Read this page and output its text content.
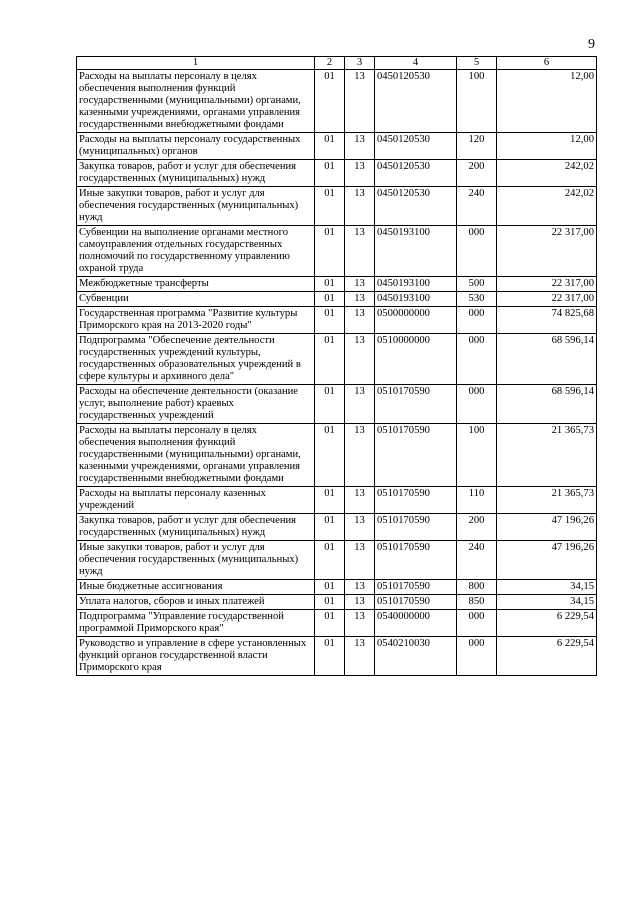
9
1	2	3	4	5	6
Расходы на выплаты персоналу в целях обеспечения выполнения функций государственными (муниципальными) органами, казенными учреждениями, органами управления государственными внебюджетными фондами	01	13	0450120530	100	12,00
Расходы на выплаты персоналу государственных (муниципальных) органов	01	13	0450120530	120	12,00
Закупка товаров, работ и услуг для обеспечения государственных (муниципальных) нужд	01	13	0450120530	200	242,02
Иные закупки товаров, работ и услуг для обеспечения государственных (муниципальных) нужд	01	13	0450120530	240	242,02
Субвенции на выполнение органами местного самоуправления отдельных государственных полномочий по государственному управлению охраной труда	01	13	0450193100	000	22 317,00
Межбюджетные трансферты	01	13	0450193100	500	22 317,00
Субвенции	01	13	0450193100	530	22 317,00
Государственная программа "Развитие культуры Приморского края на 2013-2020 годы"	01	13	0500000000	000	74 825,68
Подпрограмма "Обеспечение деятельности государственных учреждений культуры, государственных образовательных учреждений в сфере культуры и архивного дела"	01	13	0510000000	000	68 596,14
Расходы на обеспечение деятельности (оказание услуг, выполнение работ) краевых государственных учреждений	01	13	0510170590	000	68 596,14
Расходы на выплаты персоналу в целях обеспечения выполнения функций государственными (муниципальными) органами, казенными учреждениями, органами управления государственными внебюджетными фондами	01	13	0510170590	100	21 365,73
Расходы на выплаты персоналу казенных учреждений	01	13	0510170590	110	21 365,73
Закупка товаров, работ и услуг для обеспечения государственных (муниципальных) нужд	01	13	0510170590	200	47 196,26
Иные закупки товаров, работ и услуг для обеспечения государственных (муниципальных) нужд	01	13	0510170590	240	47 196,26
Иные бюджетные ассигнования	01	13	0510170590	800	34,15
Уплата налогов, сборов и иных платежей	01	13	0510170590	850	34,15
Подпрограмма "Управление государственной программой Приморского края"	01	13	0540000000	000	6 229,54
Руководство и управление в сфере установленных функций органов государственной власти Приморского края	01	13	0540210030	000	6 229,54
